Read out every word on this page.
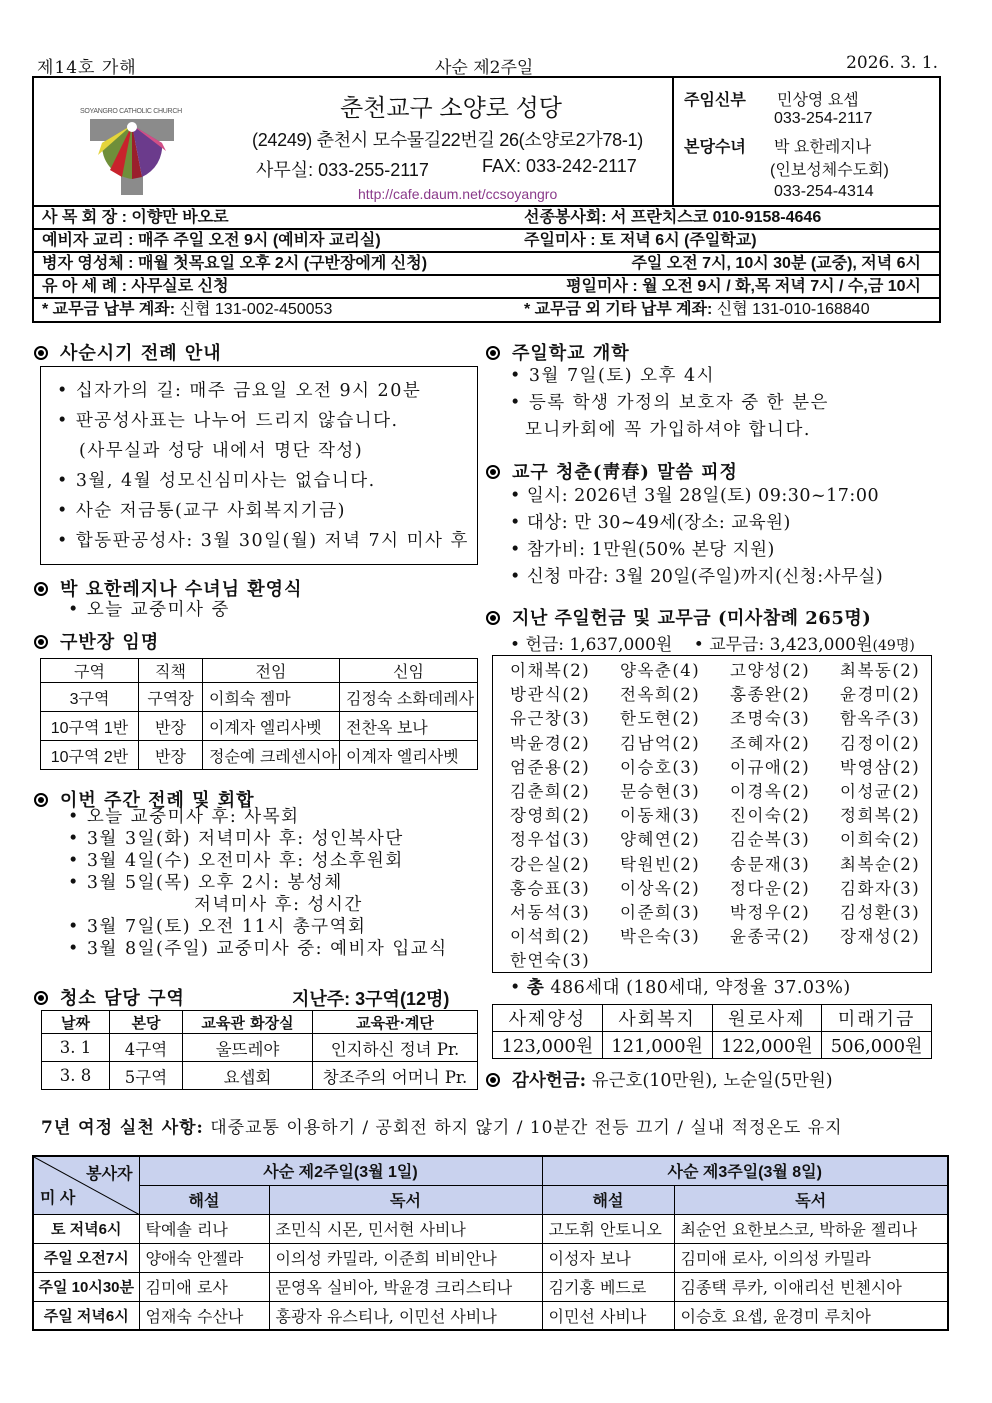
제14호 가해	사순 제2주일	2026. 3. 1.
SOYANGRO CATHOLIC CHURCH	춘천교구 소양로 성당
(24249) 춘천시 모수물길22번길 26(소양로2가78-1)
사무실: 033-255-2117	FAX: 033-242-2117
http://cafe.daum.net/ccsoyangro
주임신부 민상영 요셉
033-254-2117
본당수녀 박 요한레지나
(인보성체수도회)
033-254-4314
사 목 회 장 : 이향만 바오로	선종봉사회: 서 프란치스코 010-9158-4646
예비자 교리 : 매주 주일 오전 9시 (예비자 교리실)	주일미사 : 토 저녁 6시 (주일학교)
병자 영성체 : 매월 첫목요일 오후 2시 (구반장에게 신청)	주일 오전 7시, 10시 30분 (교중), 저녁 6시
유 아 세 례 : 사무실로 신청	평일미사 : 월 오전 9시 / 화,목 저녁 7시 / 수,금 10시
* 교무금 납부 계좌: 신협 131-002-450053	* 교무금 외 기타 납부 계좌: 신협 131-010-168840
사순시기 전례 안내
• 십자가의 길: 매주 금요일 오전 9시 20분
• 판공성사표는 나누어 드리지 않습니다.
(사무실과 성당 내에서 명단 작성)
• 3월, 4월 성모신심미사는 없습니다.
• 사순 저금통(교구 사회복지기금)
• 합동판공성사: 3월 30일(월) 저녁 7시 미사 후
박 요한레지나 수녀님 환영식
• 오늘 교중미사 중
구반장 임명
구역	직책	전임	신임
3구역	구역장	이희숙 젬마	김정숙 소화데레사
10구역 1반	반장	이계자 엘리사벳	전찬옥 보나
10구역 2반	반장	정순예 크레센시아	이계자 엘리사벳
이번 주간 전례 및 회합
• 오늘 교중미사 후: 사목회
• 3월 3일(화) 저녁미사 후: 성인복사단
• 3월 4일(수) 오전미사 후: 성소후원회
• 3월 5일(목) 오후 2시: 봉성체
저녁미사 후: 성시간
• 3월 7일(토) 오전 11시 총구역회
• 3월 8일(주일) 교중미사 중: 예비자 입교식
청소 담당 구역	지난주: 3구역(12명)
날짜	본당	교육관 화장실	교육관·계단
3. 1	4구역	울뜨레야	인지하신 정녀 Pr.
3. 8	5구역	요셉회	창조주의 어머니 Pr.
7년 여정 실천 사항: 대중교통 이용하기 / 공회전 하지 않기 / 10분간 전등 끄기 / 실내 적정온도 유지
주일학교 개학
• 3월 7일(토) 오후 4시
• 등록 학생 가정의 보호자 중 한 분은
모니카회에 꼭 가입하셔야 합니다.
교구 청춘(靑春) 말씀 피정
• 일시: 2026년 3월 28일(토) 09:30~17:00
• 대상: 만 30~49세(장소: 교육원)
• 참가비: 1만원(50% 본당 지원)
• 신청 마감: 3월 20일(주일)까지(신청:사무실)
지난 주일헌금 및 교무금 (미사참례 265명)
• 헌금: 1,637,000원 • 교무금: 3,423,000원(49명)
이채복(2) 양옥춘(4) 고양성(2) 최복동(2)
방관식(2) 전옥희(2) 홍종완(2) 윤경미(2)
유근창(3) 한도현(2) 조명숙(3) 함옥주(3)
박윤경(2) 김남억(2) 조혜자(2) 김정이(2)
엄준용(2) 이승호(3) 이규애(2) 박영삼(2)
김춘희(2) 문승현(3) 이경옥(2) 이성균(2)
장영희(2) 이동채(3) 진이숙(2) 정희복(2)
정우섭(3) 양혜연(2) 김순복(3) 이희숙(2)
강은실(2) 탁원빈(2) 송문재(3) 최복순(2)
홍승표(3) 이상옥(2) 정다운(2) 김화자(3)
서동석(3) 이준희(3) 박정우(2) 김성환(3)
이석희(2) 박은숙(3) 윤종국(2) 장재성(2)
한연숙(3)
• 총 486세대 (180세대, 약정율 37.03%)
사제양성	사회복지	원로사제	미래기금
123,000원	121,000원	122,000원	506,000원
감사헌금: 유근호(10만원), 노순일(5만원)
봉사자
미 사	사순 제2주일(3월 1일)		사순 제3주일(3월 8일)	
	해설	독서	해설	독서
토 저녁6시	탁예솔 리나	조민식 시몬, 민서현 사비나	고도휘 안토니오	최순언 요한보스코, 박하윤 젤리나
주일 오전7시	양애숙 안젤라	이의성 카밀라, 이준희 비비안나	이성자 보나	김미애 로사, 이의성 카밀라
주일 10시30분	김미애 로사	문영옥 실비아, 박윤경 크리스티나	김기홍 베드로	김종택 루카, 이애리선 빈첸시아
주일 저녁6시	엄재숙 수산나	홍광자 유스티나, 이민선 사비나	이민선 사비나	이승호 요셉, 윤경미 루치아
